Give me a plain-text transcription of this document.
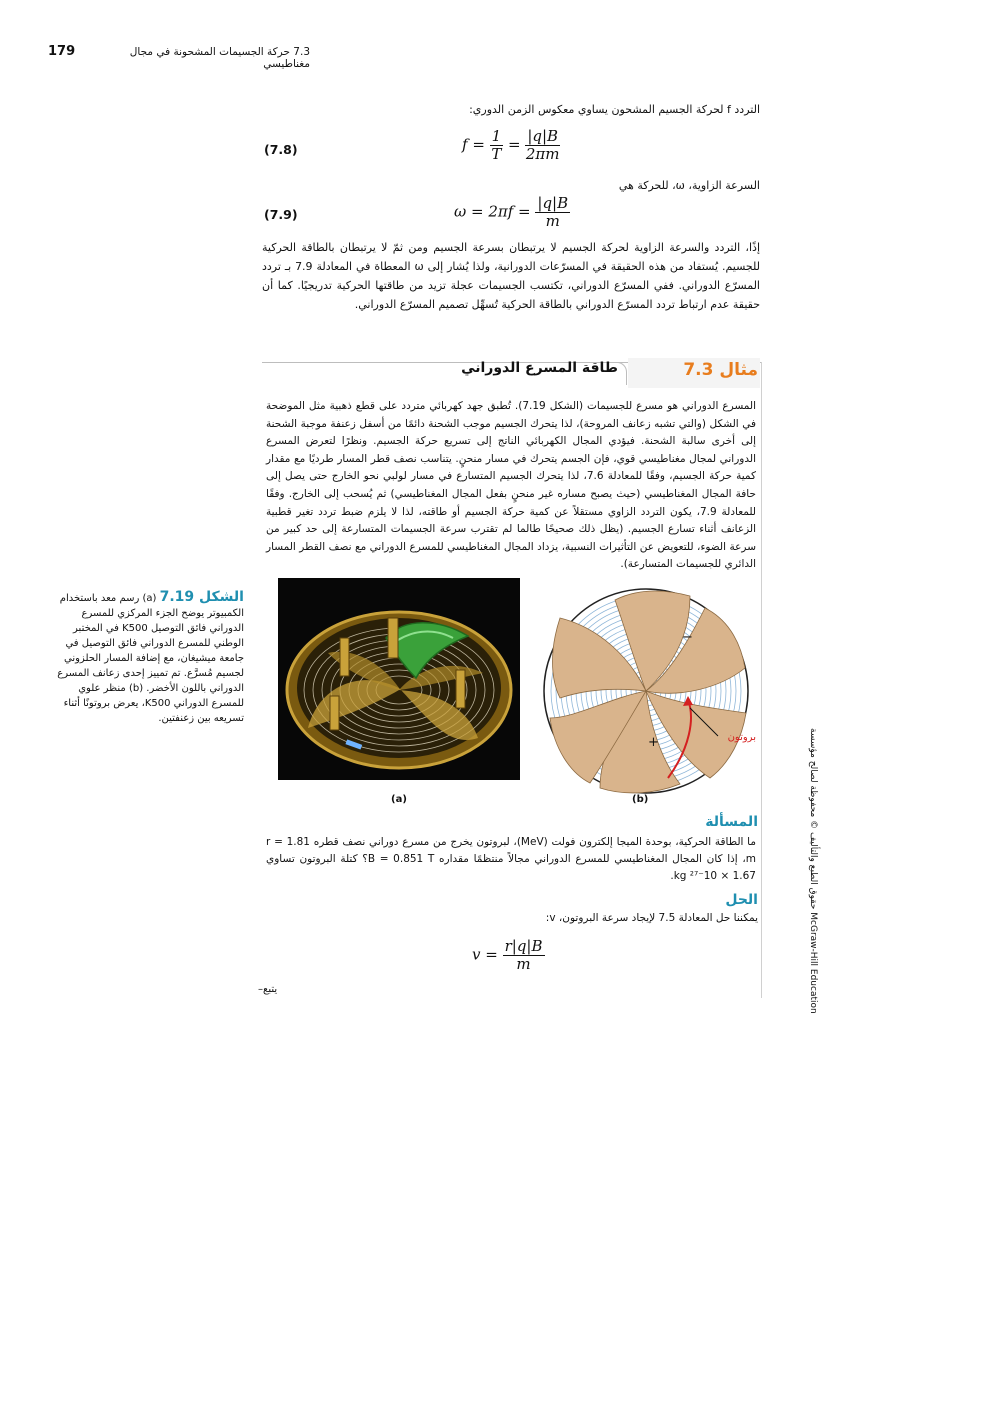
179	7.3 حركة الجسيمات المشحونة في مجال مغناطيسي
التردد f لحركة الجسيم المشحون يساوي معكوس الزمن الدوري:
(7.8)	$f = \frac{1}{T} = \frac{|q|B}{2\pi m}$
السرعة الزاوية، ω، للحركة هي
(7.9)	$\omega = 2\pi f = \frac{|q|B}{m}$
إذًا، التردد والسرعة الزاوية لحركة الجسيم لا يرتبطان بسرعة الجسيم ومن ثمّ لا يرتبطان بالطاقة الحركية للجسيم. يُستفاد من هذه الحقيقة في المسرّعات الدورانية، ولذا يُشار إلى ω المعطاة في المعادلة 7.9 بـ تردد المسرّع الدوراني. ففي المسرّع الدوراني، تكتسب الجسيمات عجلة تزيد من طاقتها الحركية تدريجيًا. كما أن حقيقة عدم ارتباط تردد المسرّع الدوراني بالطاقة الحركية تُسهِّل تصميم المسرّع الدوراني.
مثال 7.3
طاقة المسرع الدوراني
المسرع الدوراني هو مسرع للجسيمات (الشكل 7.19). تُطبق جهد كهربائي متردد على قطع ذهبية مثل الموضحة في الشكل (والتي تشبه زعانف المروحة)، لذا يتحرك الجسيم موجب الشحنة دائمًا من أسفل زعنفة موجبة الشحنة إلى أخرى سالبة الشحنة. فيؤدي المجال الكهربائي الناتج إلى تسريع حركة الجسيم. ونظرًا لتعرض المسرع الدوراني لمجال مغناطيسي قوي، فإن الجسم يتحرك في مسار منحنٍ. يتناسب نصف قطر المسار طرديًا مع مقدار كمية حركة الجسيم، وفقًا للمعادلة 7.6، لذا يتحرك الجسيم المتسارع في مسار لولبي نحو الخارج حتى يصل إلى حافة المجال المغناطيسي (حيث يصبح مساره غير منحنٍ بفعل المجال المغناطيسي) ثم يُسحب إلى الخارج. وفقًا للمعادلة 7.9، يكون التردد الزاوي مستقلاً عن كمية حركة الجسيم أو طاقته، لذا لا يلزم ضبط تردد تغير قطبية الزعانف أثناء تسارع الجسيم. (يظل ذلك صحيحًا طالما لم تقترب سرعة الجسيمات المتسارعة إلى حد كبير من سرعة الضوء، للتعويض عن التأثيرات النسبية، يزداد المجال المغناطيسي للمسرع الدوراني مع نصف القطر المسار الدائري للجسيمات المتسارعة).
الشكل 7.19 (a) رسم معد باستخدام الكمبيوتر يوضح الجزء المركزي للمسرع الدوراني فائق التوصيل K500 في المختبر الوطني للمسرع الدوراني فائق التوصيل في جامعة ميشيغان، مع إضافة المسار الحلزوني لجسيم مُسرَّع. تم تمييز إحدى زعانف المسرع الدوراني باللون الأخضر. (b) منظر علوي للمسرع الدوراني K500، يعرض بروتونًا أثناء تسريعه بين زعنفتين.
−
+	بروتون
(a)	(b)
المسألة
ما الطاقة الحركية، بوحدة الميجا إلكترون فولت (MeV)، لبروتون يخرج من مسرع دوراني نصف قطره r = 1.81 m، إذا كان المجال المغناطيسي للمسرع الدوراني مجالاً منتظمًا مقداره B = 0.851 T؟ كتلة البروتون تساوي 1.67 × 10⁻²⁷ kg.
الحل
يمكننا حل المعادلة 7.5 لإيجاد سرعة البروتون، v:
$v = \frac{r|q|B}{m}$
–يتبع
حقوق الطبع والتأليف © محفوظة لصالح مؤسسة McGraw-Hill Education
